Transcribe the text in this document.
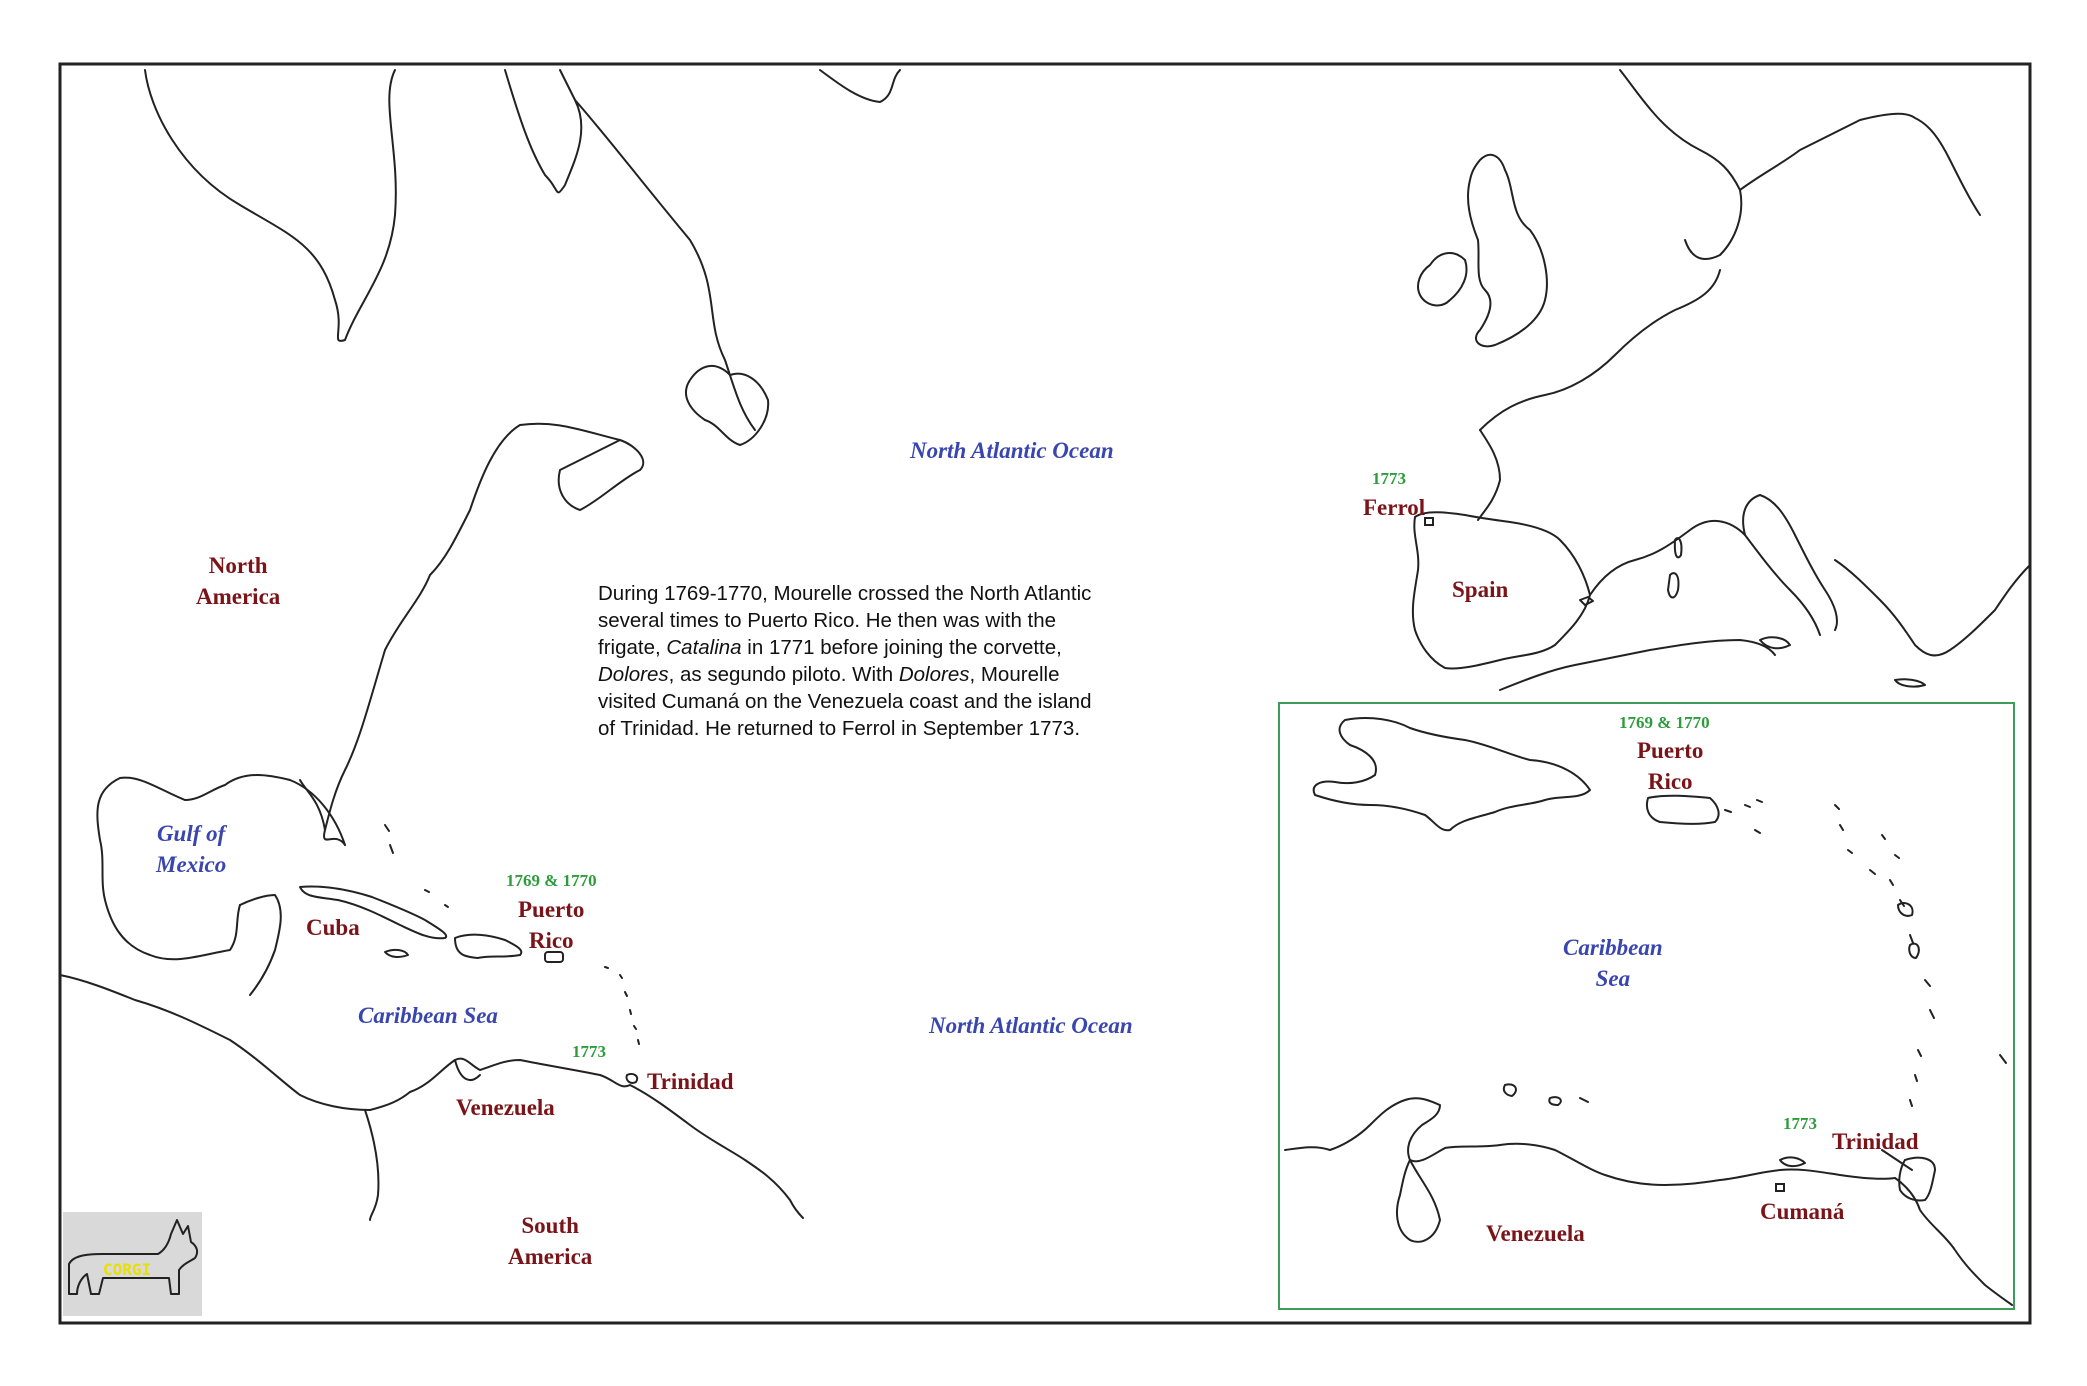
North
America
Gulf of
Mexico
Cuba
1769 & 1770
Puerto
Rico
Caribbean Sea
1773
Trinidad
Venezuela
South
America
North Atlantic Ocean
North Atlantic Ocean
1773
Ferrol
Spain
During 1769-1770, Mourelle crossed the North Atlantic
several times to Puerto Rico. He then was with the
frigate, Catalina in 1771 before joining the corvette,
Dolores, as segundo piloto. With Dolores, Mourelle
visited Cumaná on the Venezuela coast and the island
of Trinidad. He returned to Ferrol in September 1773.	1769 & 1770
Puerto
Rico
Caribbean
Sea
1773
Trinidad
Cumaná
Venezuela
CORGI
